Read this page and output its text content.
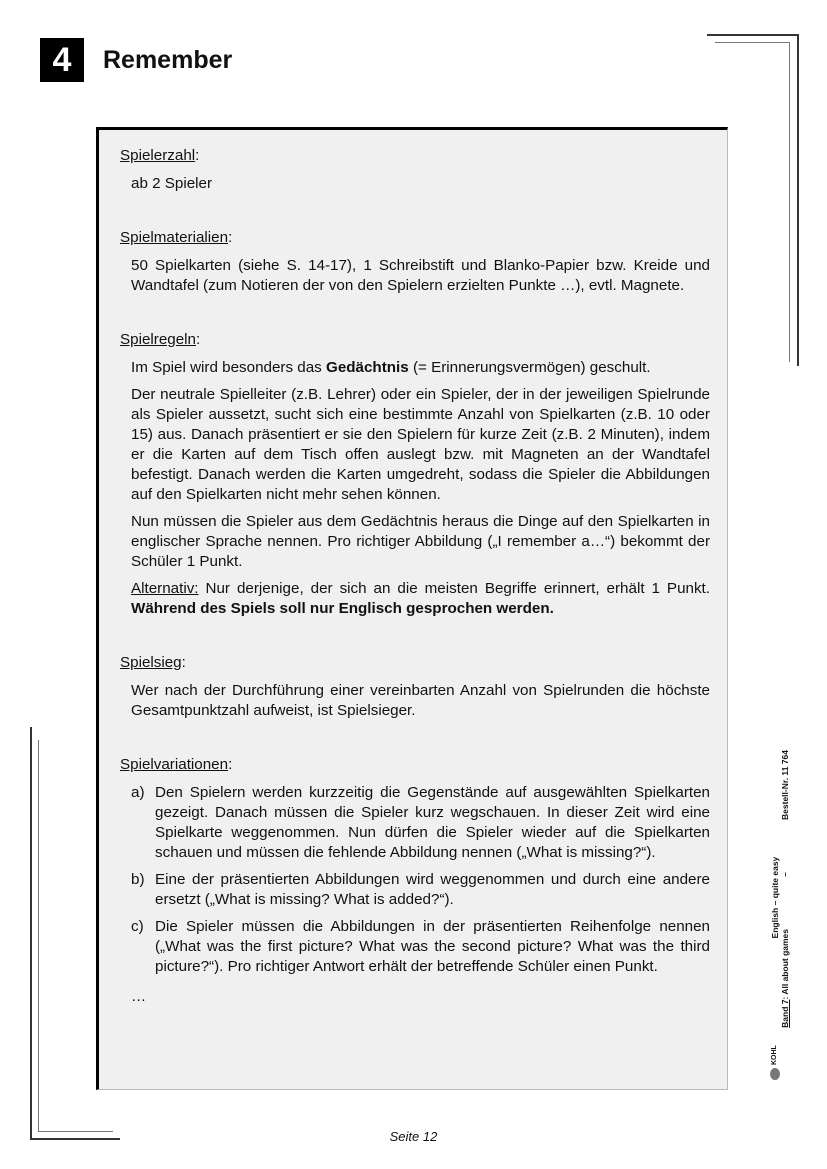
4	Remember
Spielerzahl:
ab 2 Spieler
Spielmaterialien:
50 Spielkarten (siehe S. 14-17), 1 Schreibstift und Blanko-Papier bzw. Kreide und Wandtafel (zum Notieren der von den Spielern erzielten Punkte …), evtl. Magnete.
Spielregeln:
Im Spiel wird besonders das Gedächtnis (= Erinnerungsvermögen) geschult.
Der neutrale Spielleiter (z.B. Lehrer) oder ein Spieler, der in der jeweiligen Spielrunde als Spieler aussetzt, sucht sich eine bestimmte Anzahl von Spielkarten (z.B. 10 oder 15) aus. Danach präsentiert er sie den Spielern für kurze Zeit (z.B. 2 Minuten), indem er die Karten auf dem Tisch offen auslegt bzw. mit Magneten an der Wandtafel befestigt. Danach werden die Karten umgedreht, sodass die Spieler die Abbildungen auf den Spielkarten nicht mehr sehen können.
Nun müssen die Spieler aus dem Gedächtnis heraus die Dinge auf den Spielkarten in englischer Sprache nennen. Pro richtiger Abbildung („I remember a…“) bekommt der Schüler 1 Punkt.
Alternativ: Nur derjenige, der sich an die meisten Begriffe erinnert, erhält 1 Punkt. Während des Spiels soll nur Englisch gesprochen werden.
Spielsieg:
Wer nach der Durchführung einer vereinbarten Anzahl von Spielrunden die höchste Gesamtpunktzahl aufweist, ist Spielsieger.
Spielvariationen:
a) Den Spielern werden kurzzeitig die Gegenstände auf ausgewählten Spielkarten gezeigt. Danach müssen die Spieler kurz wegschauen. In dieser Zeit wird eine Spielkarte weggenommen. Nun dürfen die Spieler wieder auf die Spielkarten schauen und müssen die fehlende Abbildung nennen („What is missing?“).
b) Eine der präsentierten Abbildungen wird weggenommen und durch eine andere ersetzt („What is missing? What is added?“).
c) Die Spieler müssen die Abbildungen in der präsentierten Reihenfolge nennen („What was the first picture? What was the second picture? What was the third picture?“). Pro richtiger Antwort erhält der betreffende Schüler einen Punkt.
…
KOHL
English – quite easy
Band 7: All about games
–
Bestell-Nr. 11 764
Seite 12
